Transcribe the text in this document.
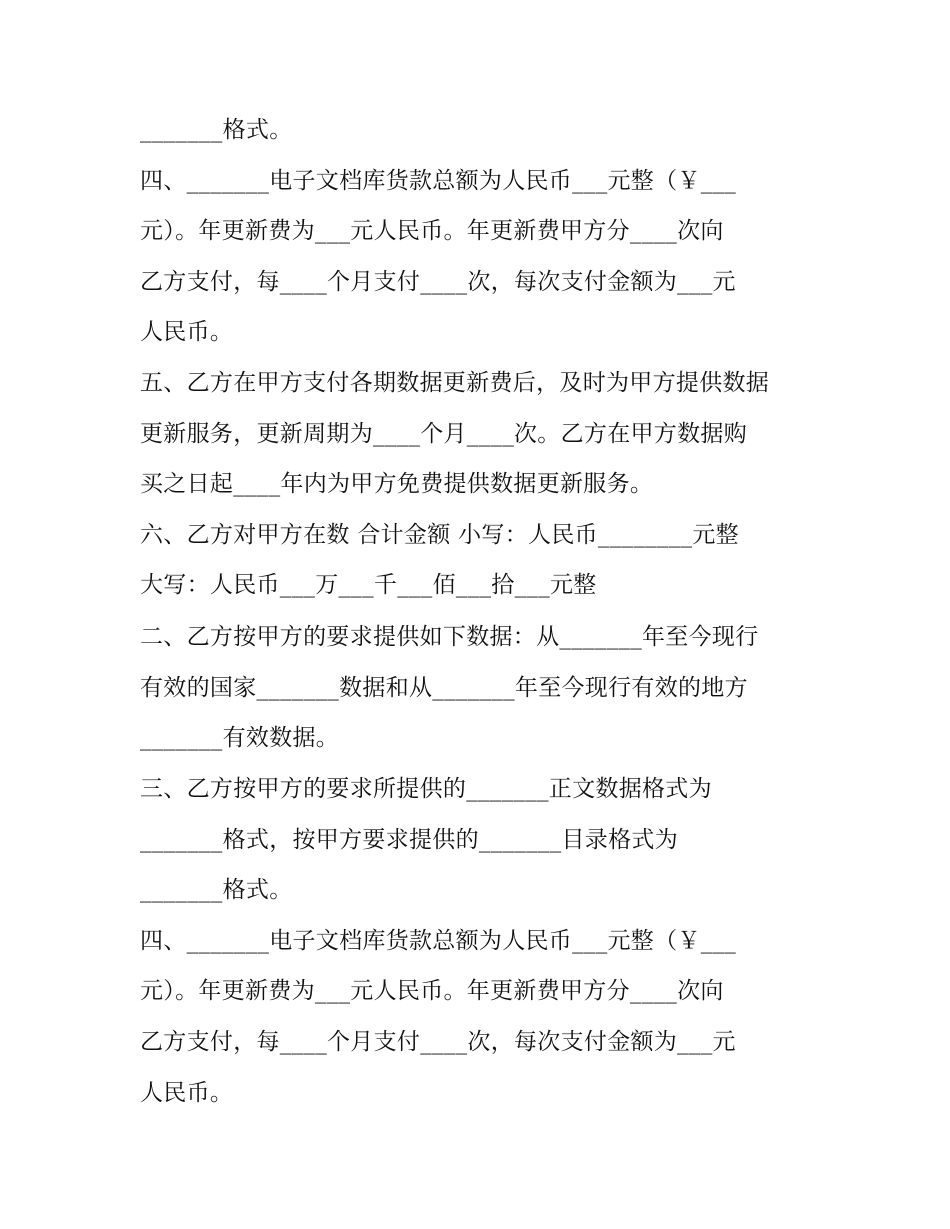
_______格式。

四、_______电子文档库货款总额为人民币___元整（￥___

元）。年更新费为___元人民币。年更新费甲方分____次向

乙方支付，每____个月支付____次，每次支付金额为___元

人民币。

五、乙方在甲方支付各期数据更新费后，及时为甲方提供数据

更新服务，更新周期为____个月____次。乙方在甲方数据购

买之日起____年内为甲方免费提供数据更新服务。

六、乙方对甲方在数 合计金额 小写：人民币________元整

大写：人民币___万___千___佰___拾___元整

二、乙方按甲方的要求提供如下数据：从_______年至今现行

有效的国家_______数据和从_______年至今现行有效的地方

_______有效数据。

三、乙方按甲方的要求所提供的_______正文数据格式为

_______格式，按甲方要求提供的_______目录格式为

_______格式。

四、_______电子文档库货款总额为人民币___元整（￥___

元）。年更新费为___元人民币。年更新费甲方分____次向

乙方支付，每____个月支付____次，每次支付金额为___元

人民币。
